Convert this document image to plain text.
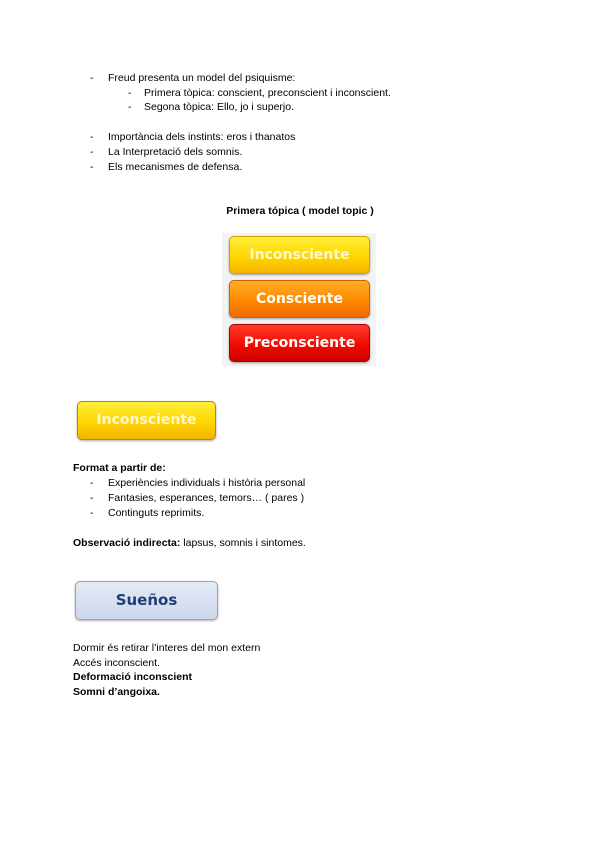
- Freud presenta un model del psiquisme:
- Primera tòpica: conscient, preconscient i inconscient.
- Segona tòpica: Ello, jo i superjo.
- Importància dels instints: eros i thanatos
- La Interpretació dels somnis.
- Els mecanismes de defensa.
Primera tópica ( model topic )
Inconsciente
Consciente
Preconsciente
Inconsciente
Format a partir de:
- Experiències individuals i història personal
- Fantasies, esperances, temors… ( pares )
- Continguts reprimits.
Observació indirecta: lapsus, somnis i sintomes.
Sueños
Dormir és retirar l’interes del mon extern
Accés inconscient.
Deformació inconscient
Somni d’angoixa.
